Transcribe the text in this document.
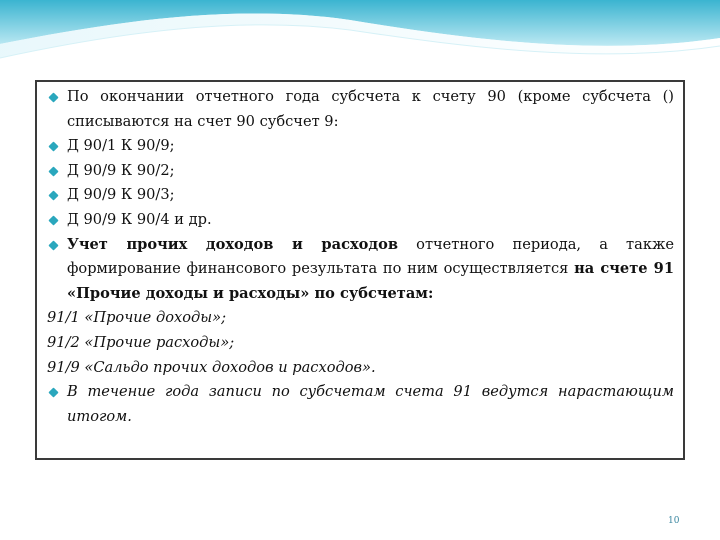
По окончании отчетного года субсчета к счету 90 (кроме субсчета () списываются на счет 90 субсчет 9:
Д 90/1 К 90/9;
Д 90/9 К 90/2;
Д 90/9 К 90/3;
Д 90/9 К 90/4 и др.
Учет прочих доходов и расходов отчетного периода, а также формирование финансового результата по ним осуществляется на счете 91 «Прочие доходы и расходы» по субсчетам:
91/1 «Прочие доходы»;
91/2 «Прочие расходы»;
91/9 «Сальдо прочих доходов и расходов».
В течение года записи по субсчетам счета 91 ведутся нарастающим итогом.
10
